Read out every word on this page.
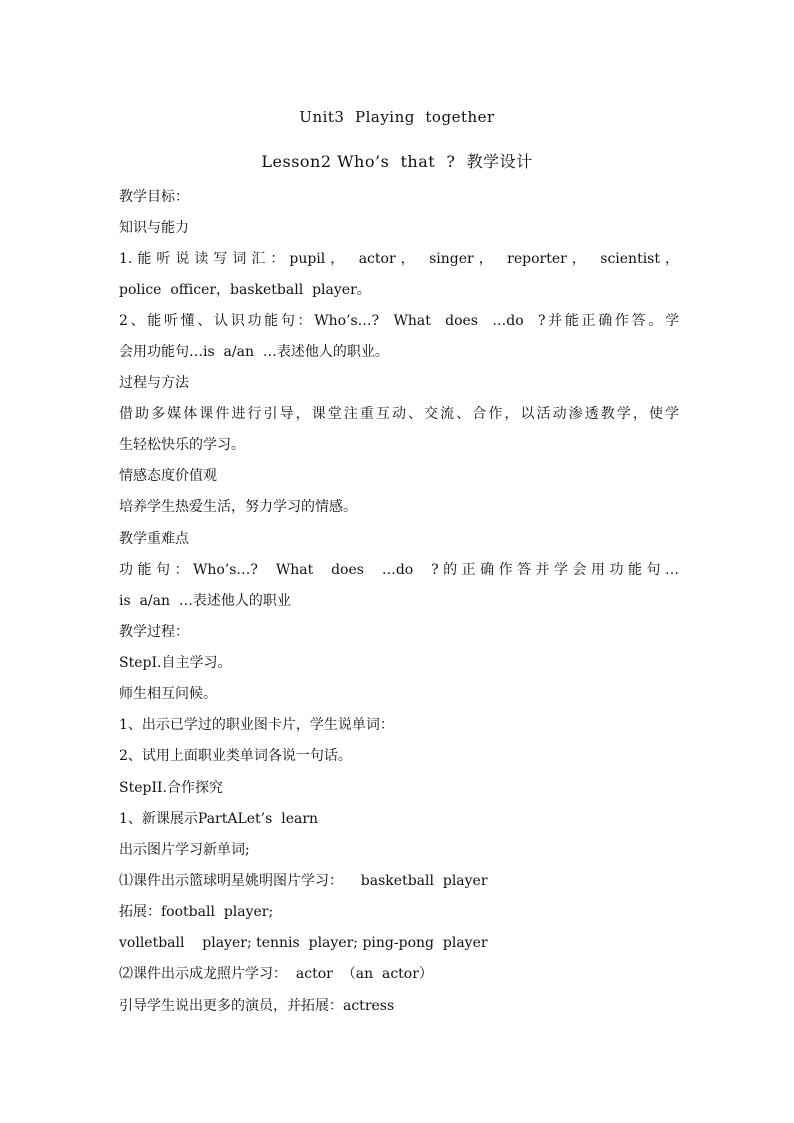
Unit3  Playing  together
Lesson2 Who’s  that  ?  教学设计
教学目标：
知识与能力
1.能听说读写词汇：pupil， actor， singer， reporter， scientist，
police  officer，basketball  player。
2、能听懂、认识功能句：Who’s…?  What  does  …do  ?并能正确作答。学
会用功能句…is  a/an  …表述他人的职业。
过程与方法
借助多媒体课件进行引导，课堂注重互动、交流、合作，以活动渗透教学，使学
生轻松快乐的学习。
情感态度价值观
培养学生热爱生活，努力学习的情感。
教学重难点
功能句：Who’s…?  What  does  …do  ?的正确作答并学会用功能句…
is  a/an  …表述他人的职业
教学过程：
StepI.自主学习。
师生相互问候。
1、出示已学过的职业图卡片，学生说单词：
2、试用上面职业类单词各说一句话。
StepII.合作探究
1、新课展示PartALet’s  learn
出示图片学习新单词;
⑴课件出示篮球明星姚明图片学习：    basketball  player
拓展：football  player;
volletball    player; tennis  player; ping-pong  player
⑵课件出示成龙照片学习：  actor  （an  actor）
引导学生说出更多的演员，并拓展：actress
